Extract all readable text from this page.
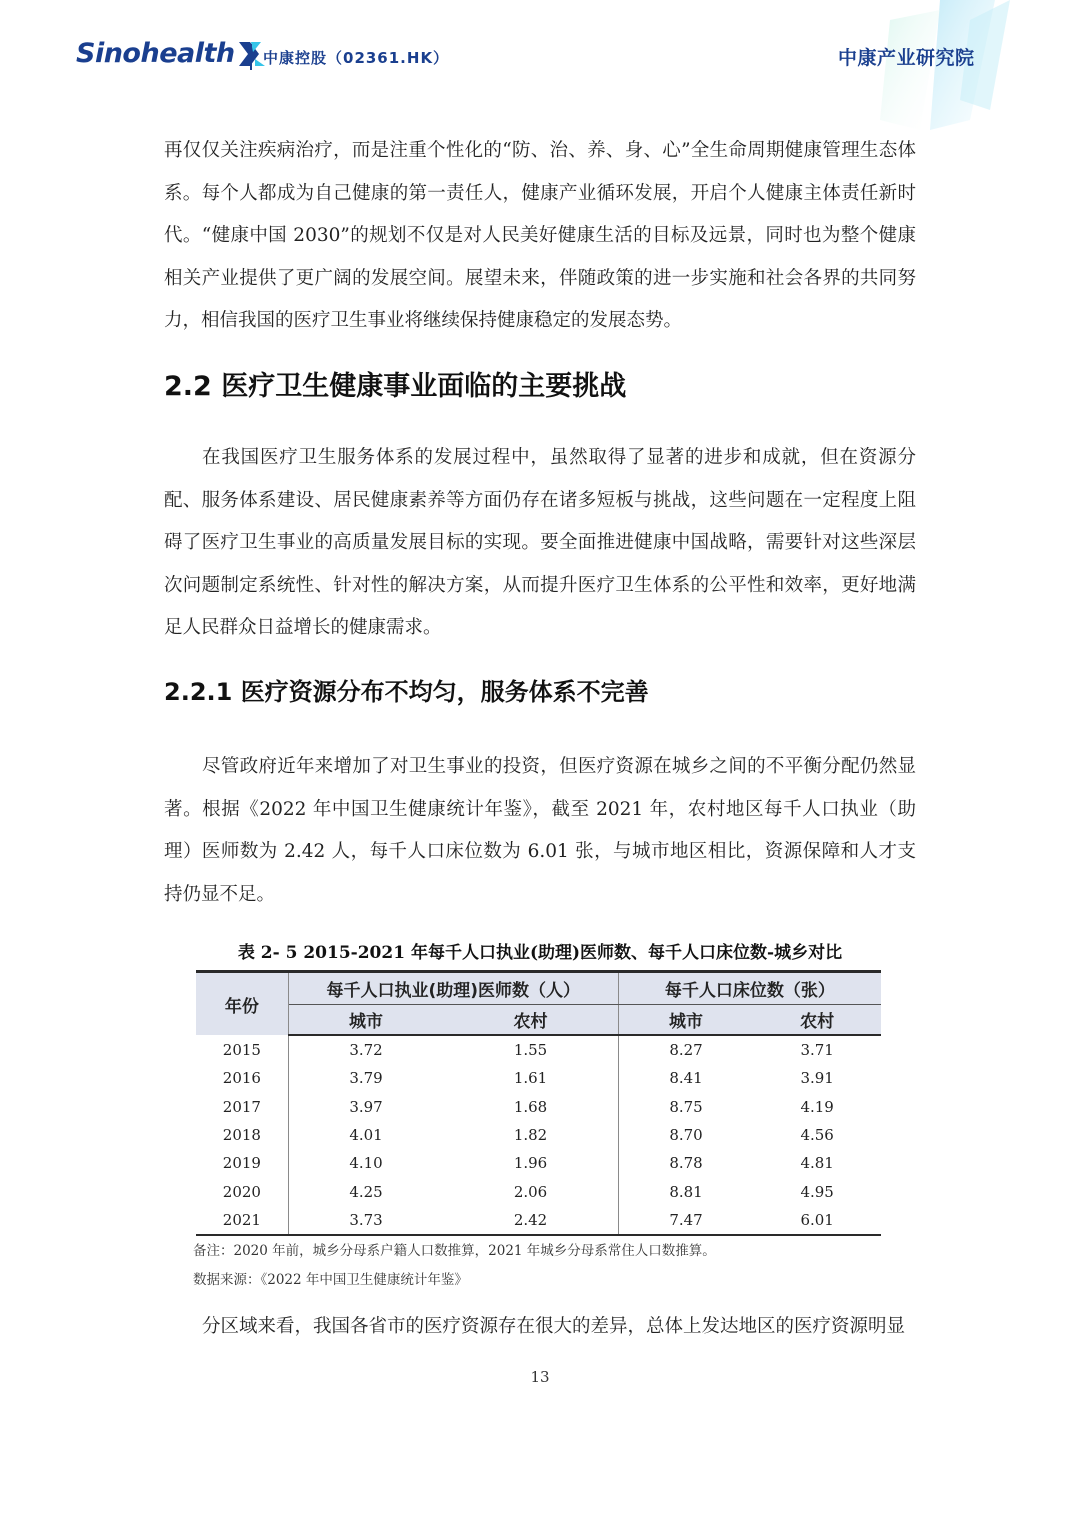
Sinohealth 中康控股（02361.HK）	中康产业研究院

再仅仅关注疾病治疗，而是注重个性化的“防、治、养、身、心”全生命周期健康管理生态体系。每个人都成为自己健康的第一责任人，健康产业循环发展，开启个人健康主体责任新时代。“健康中国 2030”的规划不仅是对人民美好健康生活的目标及远景，同时也为整个健康相关产业提供了更广阔的发展空间。展望未来，伴随政策的进一步实施和社会各界的共同努力，相信我国的医疗卫生事业将继续保持健康稳定的发展态势。

2.2 医疗卫生健康事业面临的主要挑战

在我国医疗卫生服务体系的发展过程中，虽然取得了显著的进步和成就，但在资源分配、服务体系建设、居民健康素养等方面仍存在诸多短板与挑战，这些问题在一定程度上阻碍了医疗卫生事业的高质量发展目标的实现。要全面推进健康中国战略，需要针对这些深层次问题制定系统性、针对性的解决方案，从而提升医疗卫生体系的公平性和效率，更好地满足人民群众日益增长的健康需求。

2.2.1 医疗资源分布不均匀，服务体系不完善

尽管政府近年来增加了对卫生事业的投资，但医疗资源在城乡之间的不平衡分配仍然显著。根据《2022 年中国卫生健康统计年鉴》，截至 2021 年，农村地区每千人口执业（助理）医师数为 2.42 人，每千人口床位数为 6.01 张，与城市地区相比，资源保障和人才支持仍显不足。

表 2- 5 2015-2021 年每千人口执业(助理)医师数、每千人口床位数-城乡对比
年份	每千人口执业(助理)医师数（人）		每千人口床位数（张）	
	城市	农村	城市	农村
2015	3.72	1.55	8.27	3.71
2016	3.79	1.61	8.41	3.91
2017	3.97	1.68	8.75	4.19
2018	4.01	1.82	8.70	4.56
2019	4.10	1.96	8.78	4.81
2020	4.25	2.06	8.81	4.95
2021	3.73	2.42	7.47	6.01
备注：2020 年前，城乡分母系户籍人口数推算，2021 年城乡分母系常住人口数推算。
数据来源：《2022 年中国卫生健康统计年鉴》

分区域来看，我国各省市的医疗资源存在很大的差异，总体上发达地区的医疗资源明显

13
